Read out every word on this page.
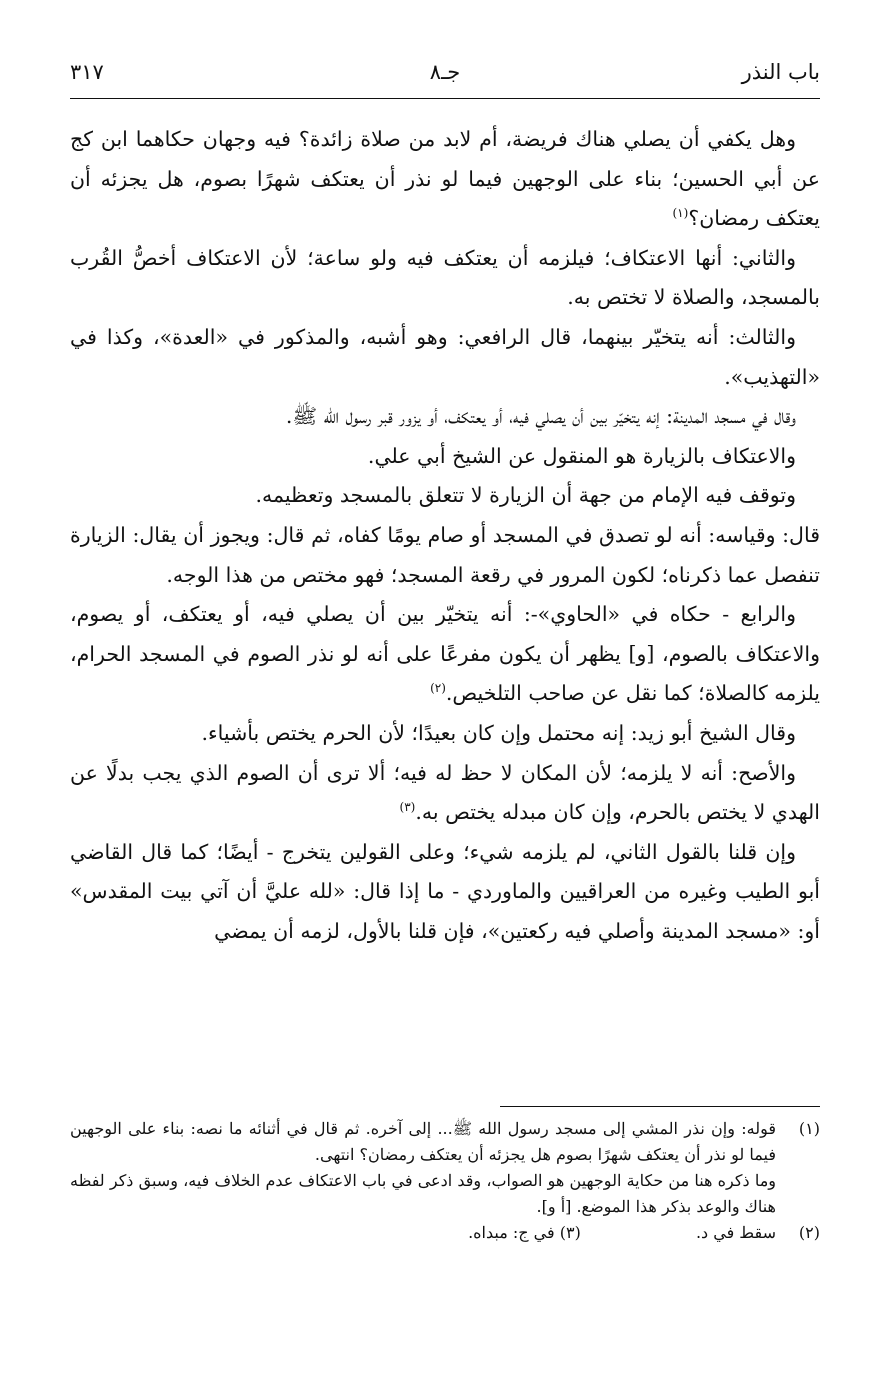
باب النذر
جـ٨
٣١٧

وهل يكفي أن يصلي هناك فريضة، أم لابد من صلاة زائدة؟ فيه وجهان حكاهما ابن كج عن أبي الحسين؛ بناء على الوجهين فيما لو نذر أن يعتكف شهرًا بصوم، هل يجزئه أن يعتكف رمضان؟$^{(١)}$

والثاني: أنها الاعتكاف؛ فيلزمه أن يعتكف فيه ولو ساعة؛ لأن الاعتكاف أخصُّ القُرب بالمسجد، والصلاة لا تختص به.

والثالث: أنه يتخيّر بينهما، قال الرافعي: وهو أشبه، والمذكور في «العدة»، وكذا في «التهذيب».

وقال في مسجد المدينة: إنه يتخيّر بين أن يصلي فيه، أو يعتكف، أو يزور قبر رسول الله ﷺ.

والاعتكاف بالزيارة هو المنقول عن الشيخ أبي علي.

وتوقف فيه الإمام من جهة أن الزيارة لا تتعلق بالمسجد وتعظيمه.

قال: وقياسه: أنه لو تصدق في المسجد أو صام يومًا كفاه، ثم قال: ويجوز أن يقال: الزيارة تنفصل عما ذكرناه؛ لكون المرور في رقعة المسجد؛ فهو مختص من هذا الوجه.

والرابع - حكاه في «الحاوي»-: أنه يتخيّر بين أن يصلي فيه، أو يعتكف، أو يصوم، والاعتكاف بالصوم، [و] يظهر أن يكون مفرعًا على أنه لو نذر الصوم في المسجد الحرام، يلزمه كالصلاة؛ كما نقل عن صاحب التلخيص.$^{(٢)}$

وقال الشيخ أبو زيد: إنه محتمل وإن كان بعيدًا؛ لأن الحرم يختص بأشياء.

والأصح: أنه لا يلزمه؛ لأن المكان لا حظ له فيه؛ ألا ترى أن الصوم الذي يجب بدلًا عن الهدي لا يختص بالحرم، وإن كان مبدله يختص به.$^{(٣)}$

وإن قلنا بالقول الثاني، لم يلزمه شيء؛ وعلى القولين يتخرج - أيضًا؛ كما قال القاضي أبو الطيب وغيره من العراقيين والماوردي - ما إذا قال: «لله عليَّ أن آتي بيت المقدس» أو: «مسجد المدينة وأصلي فيه ركعتين»، فإن قلنا بالأول، لزمه أن يمضي

(١)

قوله: وإن نذر المشي إلى مسجد رسول الله ﷺ... إلى آخره. ثم قال في أثنائه ما نصه: بناء على الوجهين فيما لو نذر أن يعتكف شهرًا بصوم هل يجزئه أن يعتكف رمضان؟ انتهى.

وما ذكره هنا من حكاية الوجهين هو الصواب، وقد ادعى في باب الاعتكاف عدم الخلاف فيه، وسبق ذكر لفظه هناك والوعد بذكر هذا الموضع. [أ و].

(٢)
سقط في د. (٣) في ج: مبداه.
